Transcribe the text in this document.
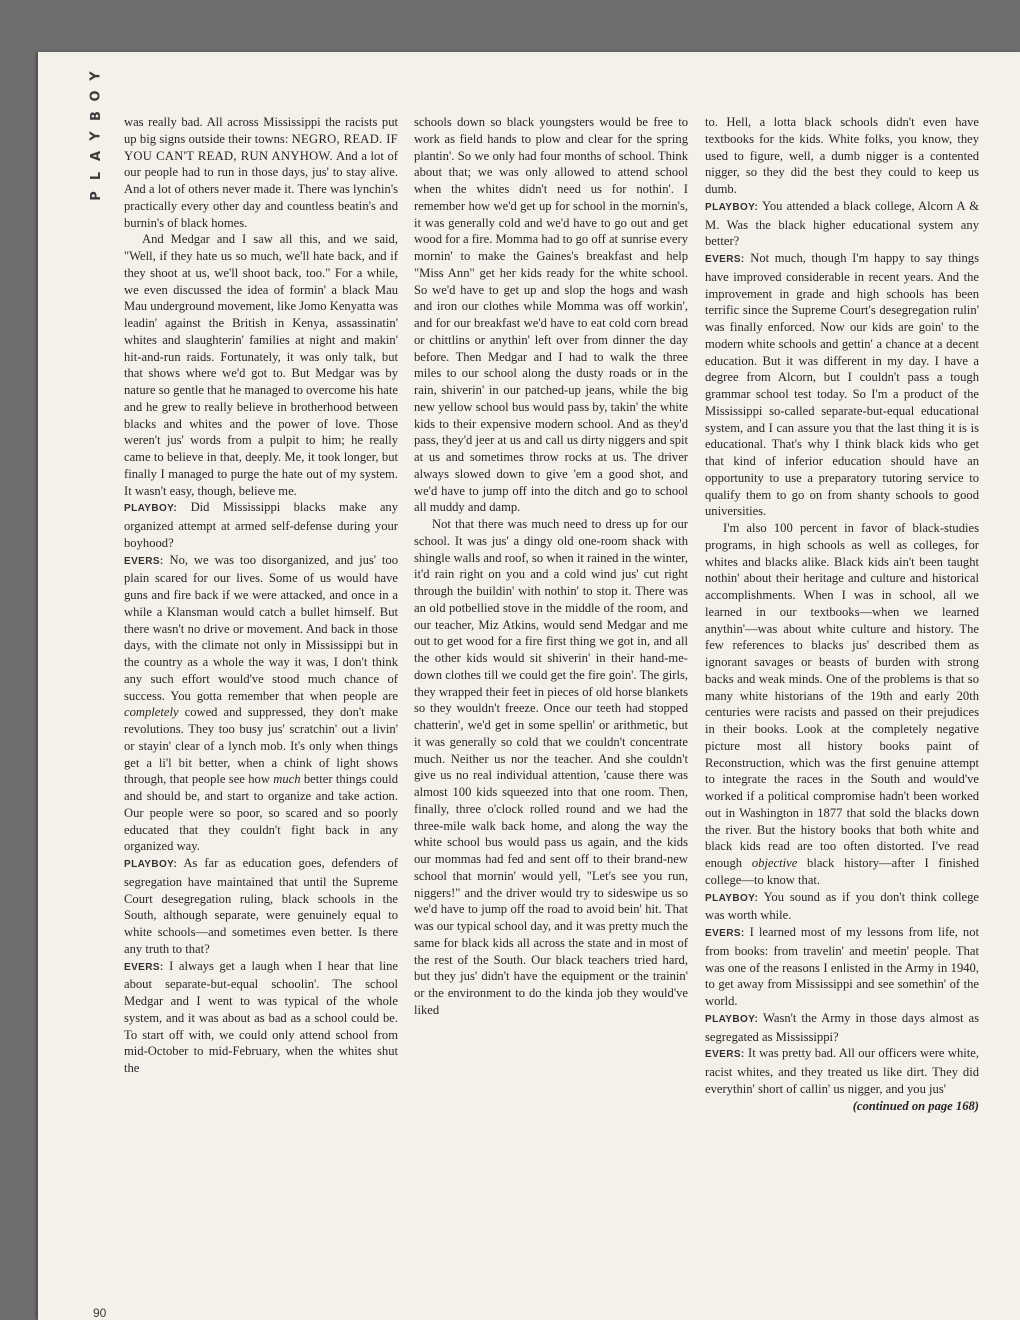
Y
O
B
Y
A
L
P

was really bad. All across Mississippi the racists put up big signs outside their towns: NEGRO, READ. IF YOU CAN'T READ, RUN ANYHOW. And a lot of our people had to run in those days, jus' to stay alive. And a lot of others never made it. There was lynchin's practically every other day and countless beatin's and burnin's of black homes.

And Medgar and I saw all this, and we said, "Well, if they hate us so much, we'll hate back, and if they shoot at us, we'll shoot back, too." For a while, we even discussed the idea of formin' a black Mau Mau underground movement, like Jomo Kenyatta was leadin' against the British in Kenya, assassinatin' whites and slaughterin' families at night and makin' hit-and-run raids. Fortunately, it was only talk, but that shows where we'd got to. But Medgar was by nature so gentle that he managed to overcome his hate and he grew to really believe in brotherhood between blacks and whites and the power of love. Those weren't jus' words from a pulpit to him; he really came to believe in that, deeply. Me, it took longer, but finally I managed to purge the hate out of my system. It wasn't easy, though, believe me.

PLAYBOY: Did Mississippi blacks make any organized attempt at armed self-defense during your boyhood?

EVERS: No, we was too disorganized, and jus' too plain scared for our lives. Some of us would have guns and fire back if we were attacked, and once in a while a Klansman would catch a bullet himself. But there wasn't no drive or movement. And back in those days, with the climate not only in Mississippi but in the country as a whole the way it was, I don't think any such effort would've stood much chance of success. You gotta remember that when people are completely cowed and suppressed, they don't make revolutions. They too busy jus' scratchin' out a livin' or stayin' clear of a lynch mob. It's only when things get a li'l bit better, when a chink of light shows through, that people see how much better things could and should be, and start to organize and take action. Our people were so poor, so scared and so poorly educated that they couldn't fight back in any organized way.

PLAYBOY: As far as education goes, defenders of segregation have maintained that until the Supreme Court desegregation ruling, black schools in the South, although separate, were genuinely equal to white schools—and sometimes even better. Is there any truth to that?

EVERS: I always get a laugh when I hear that line about separate-but-equal schoolin'. The school Medgar and I went to was typical of the whole system, and it was about as bad as a school could be. To start off with, we could only attend school from mid-October to mid-February, when the whites shut the

schools down so black youngsters would be free to work as field hands to plow and clear for the spring plantin'. So we only had four months of school. Think about that; we was only allowed to attend school when the whites didn't need us for nothin'. I remember how we'd get up for school in the mornin's, it was generally cold and we'd have to go out and get wood for a fire. Momma had to go off at sunrise every mornin' to make the Gaines's breakfast and help "Miss Ann" get her kids ready for the white school. So we'd have to get up and slop the hogs and wash and iron our clothes while Momma was off workin', and for our breakfast we'd have to eat cold corn bread or chittlins or anythin' left over from dinner the day before. Then Medgar and I had to walk the three miles to our school along the dusty roads or in the rain, shiverin' in our patched-up jeans, while the big new yellow school bus would pass by, takin' the white kids to their expensive modern school. And as they'd pass, they'd jeer at us and call us dirty niggers and spit at us and sometimes throw rocks at us. The driver always slowed down to give 'em a good shot, and we'd have to jump off into the ditch and go to school all muddy and damp.

Not that there was much need to dress up for our school. It was jus' a dingy old one-room shack with shingle walls and roof, so when it rained in the winter, it'd rain right on you and a cold wind jus' cut right through the buildin' with nothin' to stop it. There was an old potbellied stove in the middle of the room, and our teacher, Miz Atkins, would send Medgar and me out to get wood for a fire first thing we got in, and all the other kids would sit shiverin' in their hand-me-down clothes till we could get the fire goin'. The girls, they wrapped their feet in pieces of old horse blankets so they wouldn't freeze. Once our teeth had stopped chatterin', we'd get in some spellin' or arithmetic, but it was generally so cold that we couldn't concentrate much. Neither us nor the teacher. And she couldn't give us no real individual attention, 'cause there was almost 100 kids squeezed into that one room. Then, finally, three o'clock rolled round and we had the three-mile walk back home, and along the way the white school bus would pass us again, and the kids our mommas had fed and sent off to their brand-new school that mornin' would yell, "Let's see you run, niggers!" and the driver would try to sideswipe us so we'd have to jump off the road to avoid bein' hit. That was our typical school day, and it was pretty much the same for black kids all across the state and in most of the rest of the South. Our black teachers tried hard, but they jus' didn't have the equipment or the trainin' or the environment to do the kinda job they would've liked

to. Hell, a lotta black schools didn't even have textbooks for the kids. White folks, you know, they used to figure, well, a dumb nigger is a contented nigger, so they did the best they could to keep us dumb.

PLAYBOY: You attended a black college, Alcorn A & M. Was the black higher educational system any better?

EVERS: Not much, though I'm happy to say things have improved considerable in recent years. And the improvement in grade and high schools has been terrific since the Supreme Court's desegregation rulin' was finally enforced. Now our kids are goin' to the modern white schools and gettin' a chance at a decent education. But it was different in my day. I have a degree from Alcorn, but I couldn't pass a tough grammar school test today. So I'm a product of the Mississippi so-called separate-but-equal educational system, and I can assure you that the last thing it is is educational. That's why I think black kids who get that kind of inferior education should have an opportunity to use a preparatory tutoring service to qualify them to go on from shanty schools to good universities.

I'm also 100 percent in favor of black-studies programs, in high schools as well as colleges, for whites and blacks alike. Black kids ain't been taught nothin' about their heritage and culture and historical accomplishments. When I was in school, all we learned in our textbooks—when we learned anythin'—was about white culture and history. The few references to blacks jus' described them as ignorant savages or beasts of burden with strong backs and weak minds. One of the problems is that so many white historians of the 19th and early 20th centuries were racists and passed on their prejudices in their books. Look at the completely negative picture most all history books paint of Reconstruction, which was the first genuine attempt to integrate the races in the South and would've worked if a political compromise hadn't been worked out in Washington in 1877 that sold the blacks down the river. But the history books that both white and black kids read are too often distorted. I've read enough objective black history—after I finished college—to know that.

PLAYBOY: You sound as if you don't think college was worth while.

EVERS: I learned most of my lessons from life, not from books: from travelin' and meetin' people. That was one of the reasons I enlisted in the Army in 1940, to get away from Mississippi and see somethin' of the world.

PLAYBOY: Wasn't the Army in those days almost as segregated as Mississippi?

EVERS: It was pretty bad. All our officers were white, racist whites, and they treated us like dirt. They did everythin' short of callin' us nigger, and you jus'

(continued on page 168)

90
